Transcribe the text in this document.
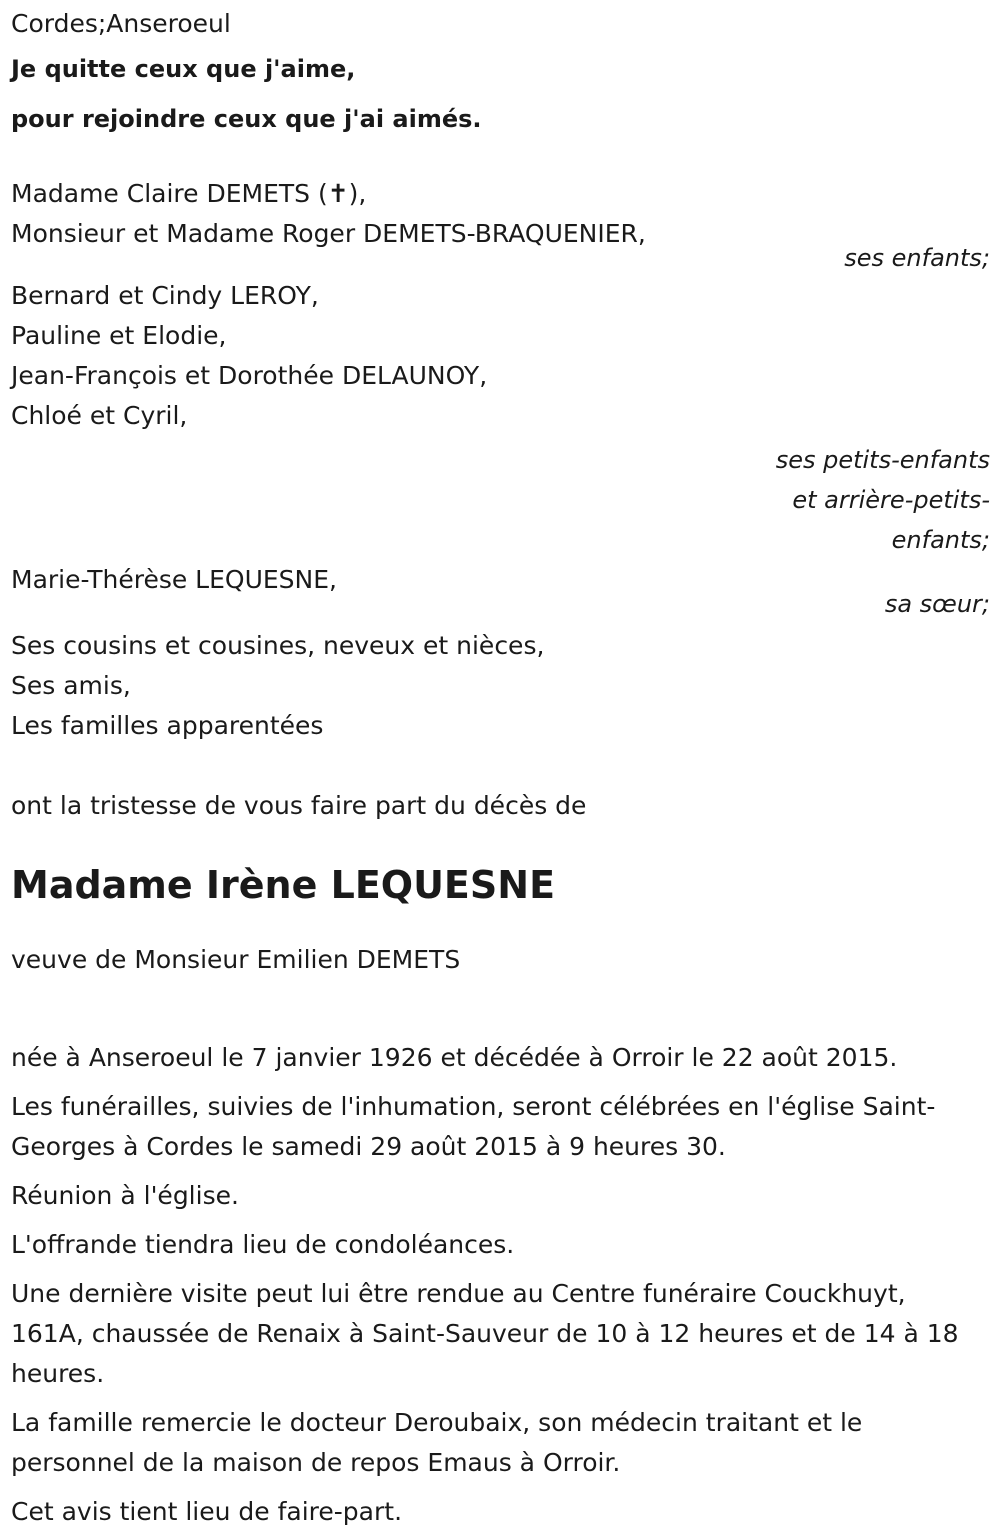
Cordes;Anseroeul
Je quitte ceux que j'aime,
pour rejoindre ceux que j'ai aimés.
Madame Claire DEMETS (✝),
Monsieur et Madame Roger DEMETS-BRAQUENIER,
ses enfants;
Bernard et Cindy LEROY,
Pauline et Elodie,
Jean-François et Dorothée DELAUNOY,
Chloé et Cyril,
ses petits-enfants
et arrière-petits-
enfants;
Marie-Thérèse LEQUESNE,
sa sœur;
Ses cousins et cousines, neveux et nièces,
Ses amis,
Les familles apparentées
ont la tristesse de vous faire part du décès de
Madame Irène LEQUESNE
veuve de Monsieur Emilien DEMETS
née à Anseroeul le 7 janvier 1926 et décédée à Orroir le 22 août 2015.
Les funérailles, suivies de l'inhumation, seront célébrées en l'église Saint-Georges à Cordes le samedi 29 août 2015 à 9 heures 30.
Réunion à l'église.
L'offrande tiendra lieu de condoléances.
Une dernière visite peut lui être rendue au Centre funéraire Couckhuyt, 161A, chaussée de Renaix à Saint-Sauveur de 10 à 12 heures et de 14 à 18 heures.
La famille remercie le docteur Deroubaix, son médecin traitant et le personnel de la maison de repos Emaus à Orroir.
Cet avis tient lieu de faire-part.
